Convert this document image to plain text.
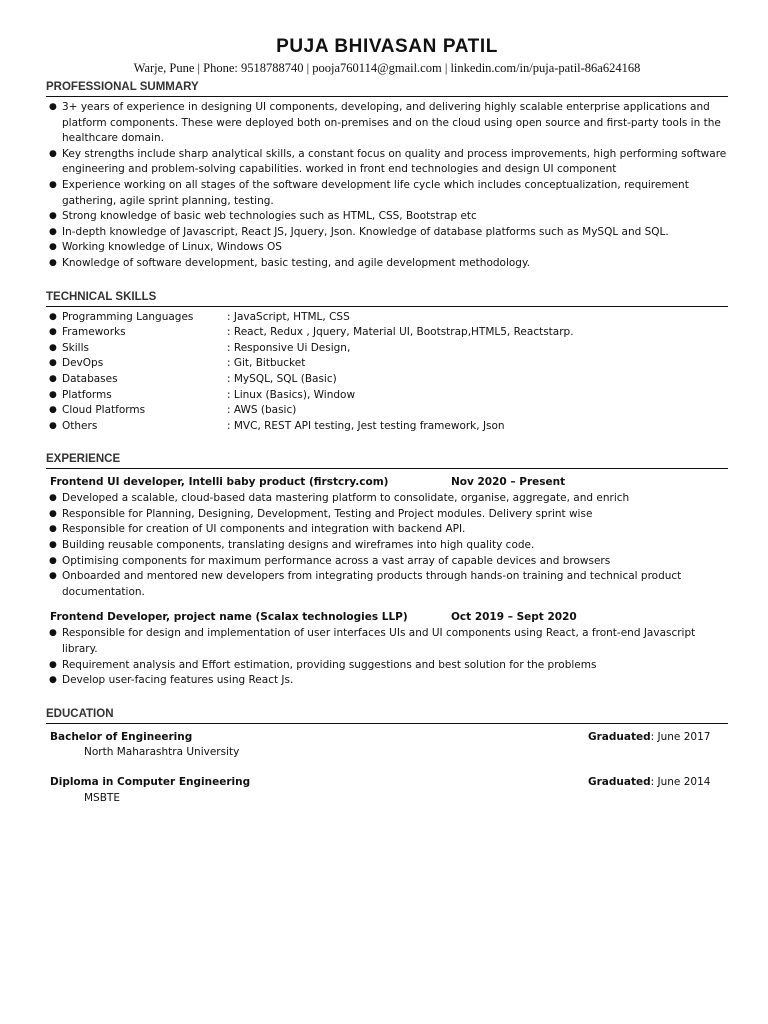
PUJA BHIVASAN PATIL
Warje, Pune | Phone: 9518788740 | pooja760114@gmail.com | linkedin.com/in/puja-patil-86a624168
PROFESSIONAL SUMMARY
● 3+ years of experience in designing UI components, developing, and delivering highly scalable enterprise applications and platform components. These were deployed both on-premises and on the cloud using open source and first-party tools in the healthcare domain.
● Key strengths include sharp analytical skills, a constant focus on quality and process improvements, high performing software engineering and problem-solving capabilities. worked in front end technologies and design UI component
● Experience working on all stages of the software development life cycle which includes conceptualization, requirement gathering, agile sprint planning, testing.
● Strong knowledge of basic web technologies such as HTML, CSS, Bootstrap etc
● In-depth knowledge of Javascript, React JS, Jquery, Json. Knowledge of database platforms such as MySQL and SQL.
● Working knowledge of Linux, Windows OS
● Knowledge of software development, basic testing, and agile development methodology.
TECHNICAL SKILLS
● Programming Languages	: JavaScript, HTML, CSS
● Frameworks	: React, Redux , Jquery, Material UI, Bootstrap,HTML5, Reactstarp.
● Skills	: Responsive Ui Design,
● DevOps	: Git, Bitbucket
● Databases	: MySQL, SQL (Basic)
● Platforms	: Linux (Basics), Window
● Cloud Platforms	: AWS (basic)
● Others	: MVC, REST API testing, Jest testing framework, Json
EXPERIENCE
Frontend UI developer, Intelli baby product (firstcry.com)	Nov 2020 – Present
● Developed a scalable, cloud-based data mastering platform to consolidate, organise, aggregate, and enrich
● Responsible for Planning, Designing, Development, Testing and Project modules. Delivery sprint wise
● Responsible for creation of UI components and integration with backend API.
● Building reusable components, translating designs and wireframes into high quality code.
● Optimising components for maximum performance across a vast array of capable devices and browsers
● Onboarded and mentored new developers from integrating products through hands-on training and technical product documentation.
Frontend Developer, project name (Scalax technologies LLP)	Oct 2019 – Sept 2020
● Responsible for design and implementation of user interfaces UIs and UI components using React, a front-end Javascript library.
● Requirement analysis and Effort estimation, providing suggestions and best solution for the problems
● Develop user-facing features using React Js.
EDUCATION
Bachelor of Engineering	Graduated: June 2017
North Maharashtra University
Diploma in Computer Engineering	Graduated: June 2014
MSBTE
